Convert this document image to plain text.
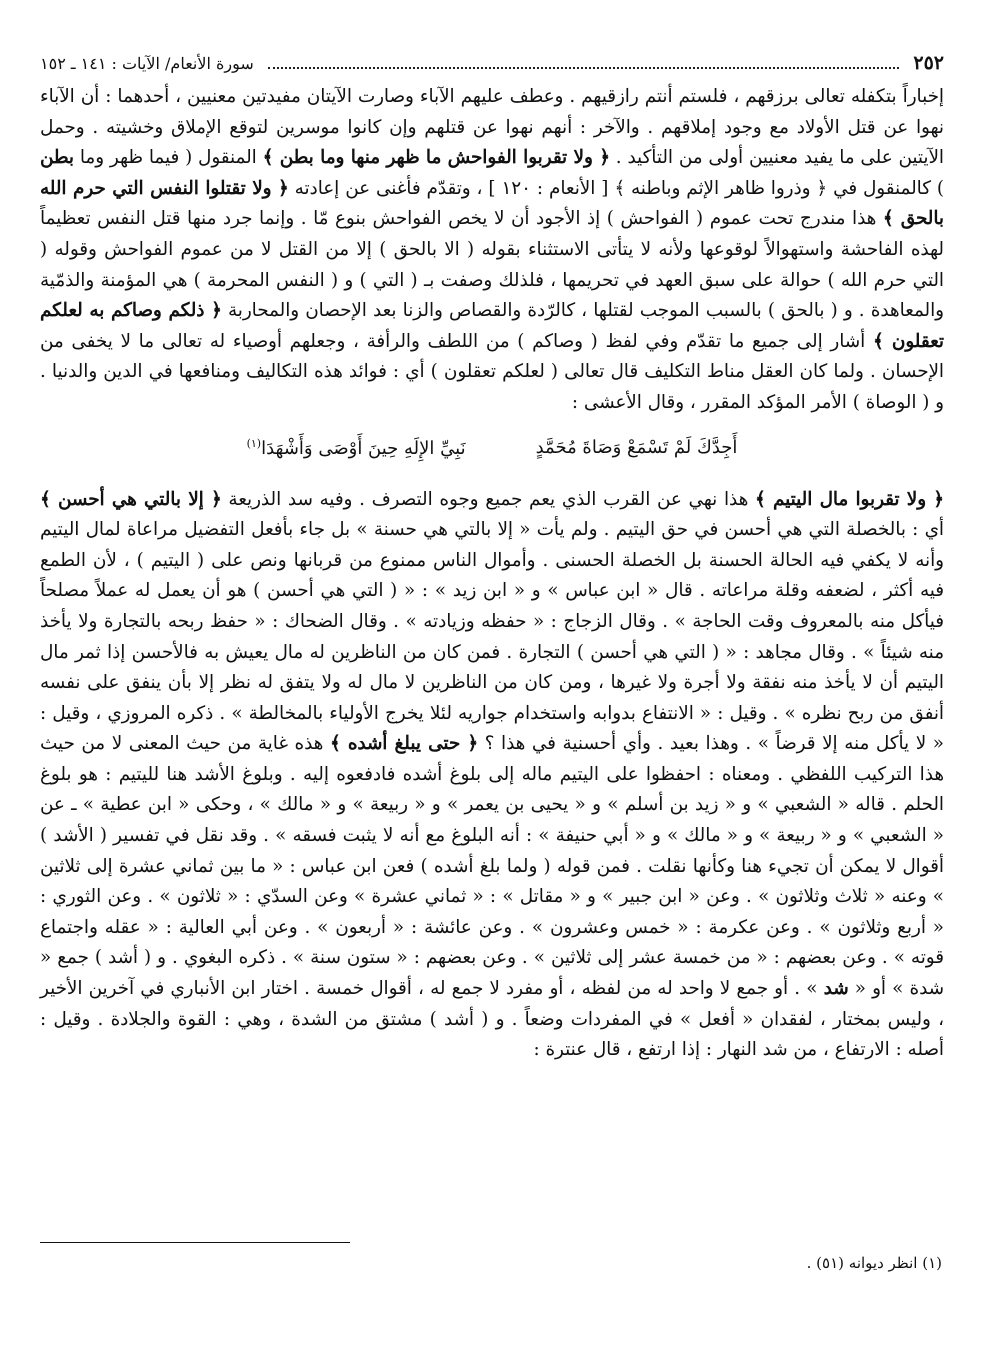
٢٥٢
سورة الأنعام/ الآيات : ١٤١ ـ ١٥٢

إخباراً بتكفله تعالى برزقهم ، فلستم أنتم رازقيهم . وعطف عليهم الآباء وصارت الآيتان مفيدتين معنيين ، أحدهما : أن الآباء نهوا عن قتل الأولاد مع وجود إملاقهم . والآخر : أنهم نهوا عن قتلهم وإن كانوا موسرين لتوقع الإملاق وخشيته . وحمل الآيتين على ما يفيد معنيين أولى من التأكيد . ﴿ ولا تقربوا الفواحش ما ظهر منها وما بطن ﴾ المنقول ( فيما ظهر وما بطن ) كالمنقول في ﴿ وذروا ظاهر الإثم وباطنه ﴾ [ الأنعام : ١٢٠ ] ، وتقدّم فأغنى عن إعادته ﴿ ولا تقتلوا النفس التي حرم الله بالحق ﴾ هذا مندرج تحت عموم ( الفواحش ) إذ الأجود أن لا يخص الفواحش بنوع مّا . وإنما جرد منها قتل النفس تعظيماً لهذه الفاحشة واستهوالاً لوقوعها ولأنه لا يتأتى الاستثناء بقوله ( الا بالحق ) إلا من القتل لا من عموم الفواحش وقوله ( التي حرم الله ) حوالة على سبق العهد في تحريمها ، فلذلك وصفت بـ ( التي ) و ( النفس المحرمة ) هي المؤمنة والذمّية والمعاهدة . و ( بالحق ) بالسبب الموجب لقتلها ، كالرّدة والقصاص والزنا بعد الإحصان والمحاربة ﴿ ذلكم وصاكم به لعلكم تعقلون ﴾ أشار إلى جميع ما تقدّم وفي لفظ ( وصاكم ) من اللطف والرأفة ، وجعلهم أوصياء له تعالى ما لا يخفى من الإحسان . ولما كان العقل مناط التكليف قال تعالى ( لعلكم تعقلون ) أي : فوائد هذه التكاليف ومنافعها في الدين والدنيا . و ( الوصاة ) الأمر المؤكد المقرر ، وقال الأعشى :

أَجِدَّكَ لَمْ تَسْمَعْ وَصَاةَ مُحَمَّدٍ
نَبِيِّ الإِلَهِ حِينَ أَوْصَى وَأَشْهَدَا$^{(١)}$

﴿ ولا تقربوا مال اليتيم ﴾ هذا نهي عن القرب الذي يعم جميع وجوه التصرف . وفيه سد الذريعة ﴿ إلا بالتي هي أحسن ﴾ أي : بالخصلة التي هي أحسن في حق اليتيم . ولم يأت « إلا بالتي هي حسنة » بل جاء بأفعل التفضيل مراعاة لمال اليتيم وأنه لا يكفي فيه الحالة الحسنة بل الخصلة الحسنى . وأموال الناس ممنوع من قربانها ونص على ( اليتيم ) ، لأن الطمع فيه أكثر ، لضعفه وقلة مراعاته . قال « ابن عباس » و « ابن زيد » : « ( التي هي أحسن ) هو أن يعمل له عملاً مصلحاً فيأكل منه بالمعروف وقت الحاجة » . وقال الزجاج : « حفظه وزيادته » . وقال الضحاك : « حفظ ربحه بالتجارة ولا يأخذ منه شيئاً » . وقال مجاهد : « ( التي هي أحسن ) التجارة . فمن كان من الناظرين له مال يعيش به فالأحسن إذا ثمر مال اليتيم أن لا يأخذ منه نفقة ولا أجرة ولا غيرها ، ومن كان من الناظرين لا مال له ولا يتفق له نظر إلا بأن ينفق على نفسه أنفق من ربح نظره » . وقيل : « الانتفاع بدوابه واستخدام جواريه لئلا يخرج الأولياء بالمخالطة » . ذكره المروزي ، وقيل : « لا يأكل منه إلا قرضاً » . وهذا بعيد . وأي أحسنية في هذا ؟ ﴿ حتى يبلغ أشده ﴾ هذه غاية من حيث المعنى لا من حيث هذا التركيب اللفظي . ومعناه : احفظوا على اليتيم ماله إلى بلوغ أشده فادفعوه إليه . وبلوغ الأشد هنا لليتيم : هو بلوغ الحلم . قاله « الشعبي » و « زيد بن أسلم » و « يحيى بن يعمر » و « ربيعة » و « مالك » ، وحكى « ابن عطية » ـ عن « الشعبي » و « ربيعة » و « مالك » و « أبي حنيفة » : أنه البلوغ مع أنه لا يثبت فسقه » . وقد نقل في تفسير ( الأشد ) أقوال لا يمكن أن تجيء هنا وكأنها نقلت . فمن قوله ( ولما بلغ أشده ) فعن ابن عباس : « ما بين ثماني عشرة إلى ثلاثين » وعنه « ثلاث وثلاثون » . وعن « ابن جبير » و « مقاتل » : « ثماني عشرة » وعن السدّي : « ثلاثون » . وعن الثوري : « أربع وثلاثون » . وعن عكرمة : « خمس وعشرون » . وعن عائشة : « أربعون » . وعن أبي العالية : « عقله واجتماع قوته » . وعن بعضهم : « من خمسة عشر إلى ثلاثين » . وعن بعضهم : « ستون سنة » . ذكره البغوي . و ( أشد ) جمع « شدة » أو « شد » . أو جمع لا واحد له من لفظه ، أو مفرد لا جمع له ، أقوال خمسة . اختار ابن الأنباري في آخرين الأخير ، وليس بمختار ، لفقدان « أفعل » في المفردات وضعاً . و ( أشد ) مشتق من الشدة ، وهي : القوة والجلادة . وقيل : أصله : الارتفاع ، من شد النهار : إذا ارتفع ، قال عنترة :

(١) انظر ديوانه (٥١) .
